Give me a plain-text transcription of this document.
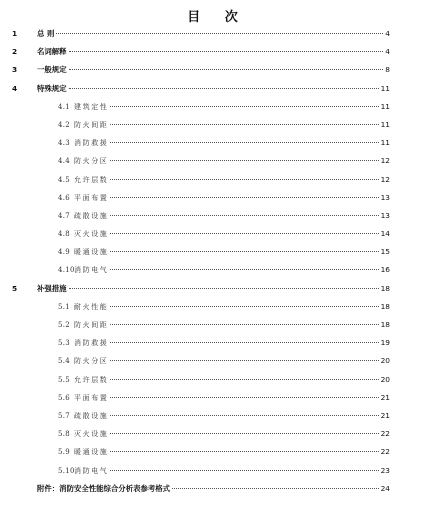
目 次
1	总 则	4
2	名词解释	4
3	一般规定	8
4	特殊规定	11
4.1 建筑定性	11
4.2 防火间距	11
4.3 消防救援	11
4.4 防火分区	12
4.5 允许层数	12
4.6 平面布置	13
4.7 疏散设施	13
4.8 灭火设施	14
4.9 暖通设施	15
4.10 消防电气	16
5	补强措施	18
5.1 耐火性能	18
5.2 防火间距	18
5.3 消防救援	19
5.4 防火分区	20
5.5 允许层数	20
5.6 平面布置	21
5.7 疏散设施	21
5.8 灭火设施	22
5.9 暖通设施	22
5.10 消防电气	23
附件：消防安全性能综合分析表参考格式	24
